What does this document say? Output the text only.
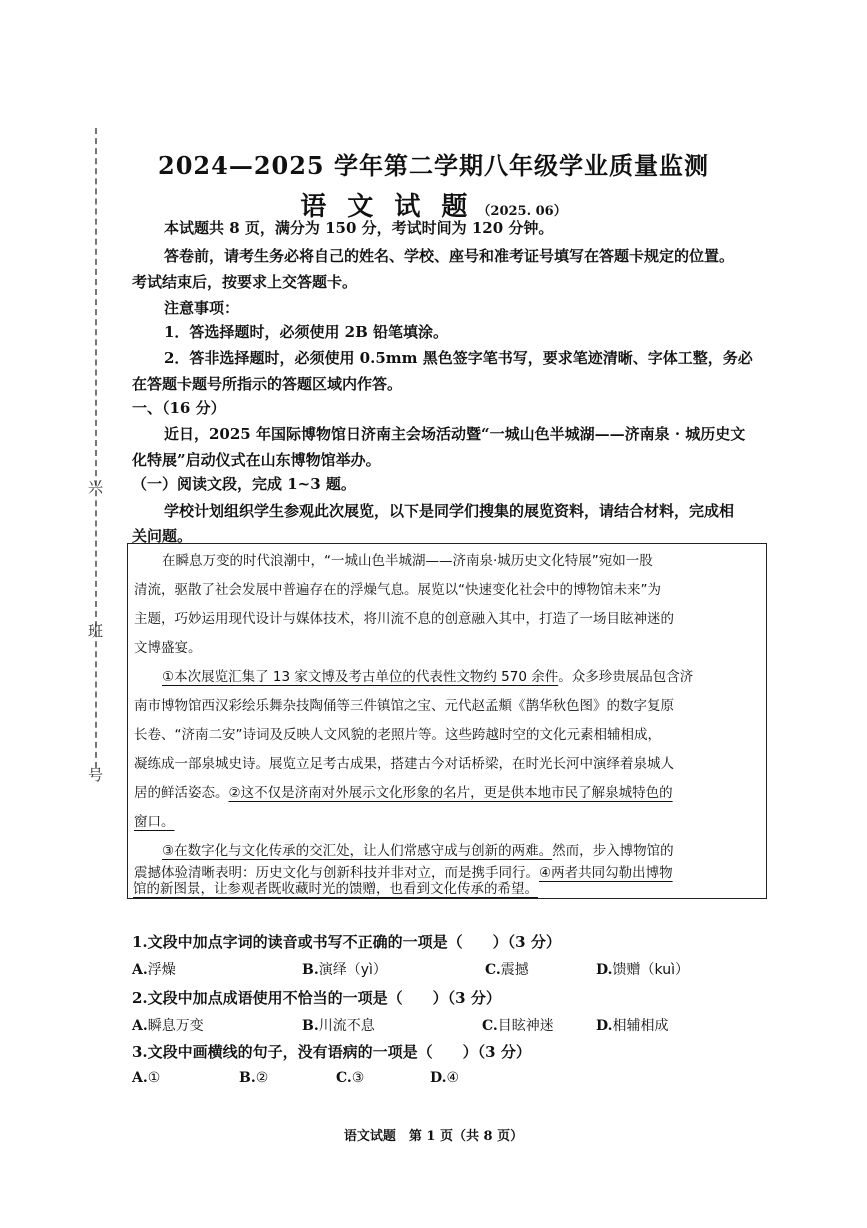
兴
班
号
2024—2025 学年第二学期八年级学业质量监测
语 文 试 题 （2025. 06）
本试题共 8 页，满分为 150 分，考试时间为 120 分钟。
答卷前，请考生务必将自己的姓名、学校、座号和准考证号填写在答题卡规定的位置。
考试结束后，按要求上交答题卡。
注意事项：
1．答选择题时，必须使用 2B 铅笔填涂。
2．答非选择题时，必须使用 0.5mm 黑色签字笔书写，要求笔迹清晰、字体工整，务必
在答题卡题号所指示的答题区域内作答。
一、（16 分）
近日，2025 年国际博物馆日济南主会场活动暨“一城山色半城湖——济南泉 · 城历史文
化特展”启动仪式在山东博物馆举办。
（一）阅读文段，完成 1~3 题。
学校计划组织学生参观此次展览，以下是同学们搜集的展览资料，请结合材料，完成相
关问题。
在瞬息万变的时代浪潮中，“一城山色半城湖——济南泉·城历史文化特展”宛如一股
清流，驱散了社会发展中普遍存在的浮燥气息。展览以“快速变化社会中的博物馆未来”为
主题，巧妙运用现代设计与媒体技术，将川流不息的创意融入其中，打造了一场目眩神迷的
文博盛宴。
①本次展览汇集了 13 家文博及考古单位的代表性文物约 570 余件。众多珍贵展品包含济
南市博物馆西汉彩绘乐舞杂技陶俑等三件镇馆之宝、元代赵孟頫《鹊华秋色图》的数字复原
长卷、“济南二安”诗词及反映人文风貌的老照片等。这些跨越时空的文化元素相辅相成，
凝练成一部泉城史诗。展览立足考古成果，搭建古今对话桥梁，在时光长河中演绎着泉城人
居的鲜活姿态。②这不仅是济南对外展示文化形象的名片，更是供本地市民了解泉城特色的
窗口。
③在数字化与文化传承的交汇处，让人们常感守成与创新的两难。然而，步入博物馆的
震撼体验清晰表明：历史文化与创新科技并非对立，而是携手同行。④两者共同勾勒出博物
馆的新图景，让参观者既收藏时光的馈赠，也看到文化传承的希望。
1.文段中加点字词的读音或书写不正确的一项是（　　）（3 分）
A.浮燥	B.演绎（yì）	C.震撼	D.馈赠（kuì）
2.文段中加点成语使用不恰当的一项是（　　）（3 分）
A.瞬息万变	B.川流不息	C.目眩神迷	D.相辅相成
3.文段中画横线的句子，没有语病的一项是（　　）（3 分）
A.①	B.②	C.③	D.④
语文试题　第 1 页（共 8 页）
